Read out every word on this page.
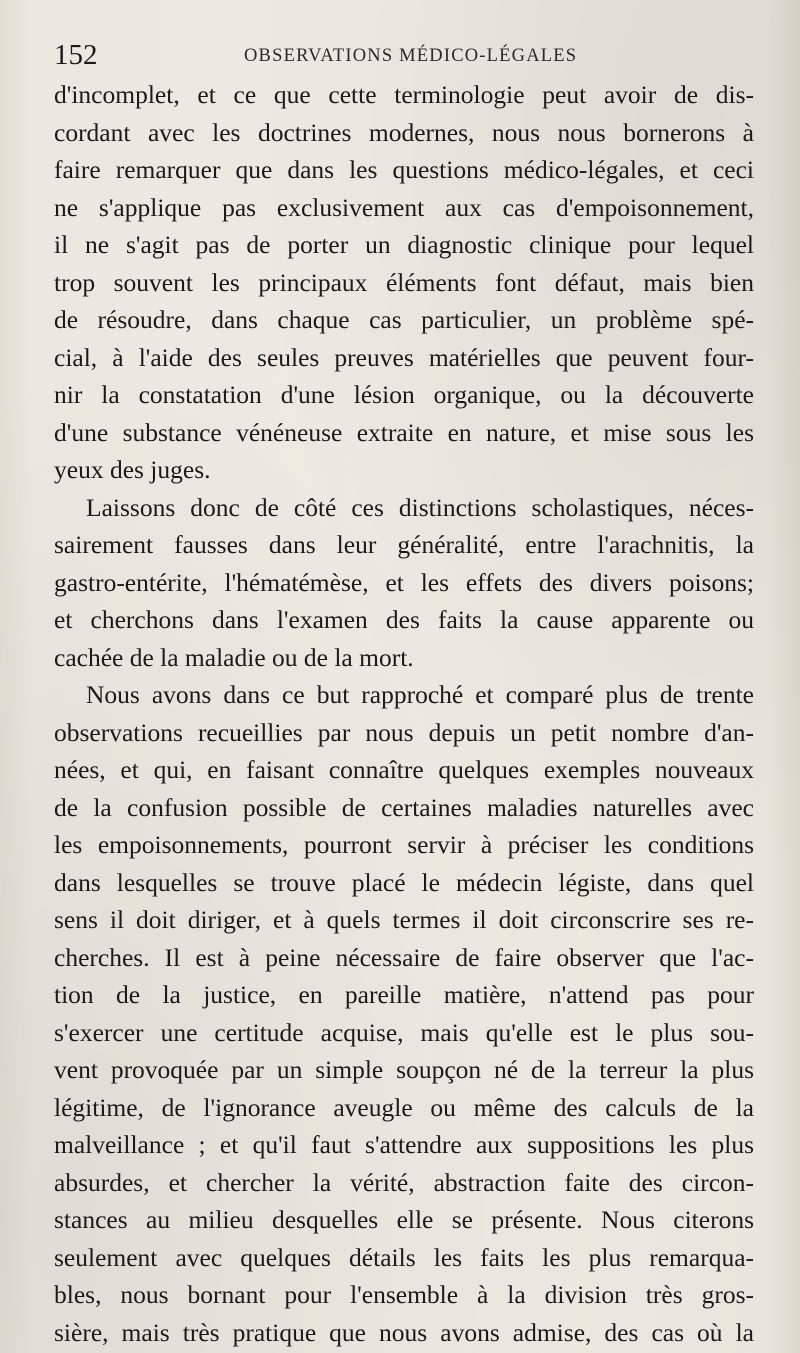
152	OBSERVATIONS MÉDICO-LÉGALES
d'incomplet, et ce que cette terminologie peut avoir de dis-
cordant avec les doctrines modernes, nous nous bornerons à
faire remarquer que dans les questions médico-légales, et ceci
ne s'applique pas exclusivement aux cas d'empoisonnement,
il ne s'agit pas de porter un diagnostic clinique pour lequel
trop souvent les principaux éléments font défaut, mais bien
de résoudre, dans chaque cas particulier, un problème spé-
cial, à l'aide des seules preuves matérielles que peuvent four-
nir la constatation d'une lésion organique, ou la découverte
d'une substance vénéneuse extraite en nature, et mise sous les
yeux des juges.
Laissons donc de côté ces distinctions scholastiques, néces-
sairement fausses dans leur généralité, entre l'arachnitis, la
gastro-entérite, l'hématémèse, et les effets des divers poisons;
et cherchons dans l'examen des faits la cause apparente ou
cachée de la maladie ou de la mort.
Nous avons dans ce but rapproché et comparé plus de trente
observations recueillies par nous depuis un petit nombre d'an-
nées, et qui, en faisant connaître quelques exemples nouveaux
de la confusion possible de certaines maladies naturelles avec
les empoisonnements, pourront servir à préciser les conditions
dans lesquelles se trouve placé le médecin légiste, dans quel
sens il doit diriger, et à quels termes il doit circonscrire ses re-
cherches. Il est à peine nécessaire de faire observer que l'ac-
tion de la justice, en pareille matière, n'attend pas pour
s'exercer une certitude acquise, mais qu'elle est le plus sou-
vent provoquée par un simple soupçon né de la terreur la plus
légitime, de l'ignorance aveugle ou même des calculs de la
malveillance ; et qu'il faut s'attendre aux suppositions les plus
absurdes, et chercher la vérité, abstraction faite des circon-
stances au milieu desquelles elle se présente. Nous citerons
seulement avec quelques détails les faits les plus remarqua-
bles, nous bornant pour l'ensemble à la division très gros-
sière, mais très pratique que nous avons admise, des cas où la
